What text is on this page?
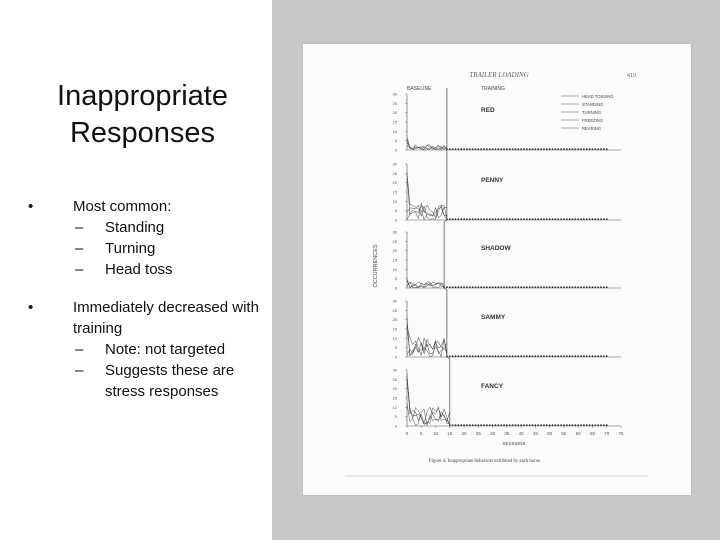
Inappropriate
Responses
•	Most common:
– Standing
– Turning
– Head toss
•	Immediately decreased with training
– Note: not targeted
– Suggests these are stress responses
TRAILER LOADING	419
BASELINE	TRAINING
HEAD TOSSING
STANDING
TURNING
FREEZING
REARING
OCCURRENCES
30
25
20
15
10
5
0
RED
30
25
20
15
10
5
0
PENNY
30
25
20
15
10
5
0
SHADOW
30
25
20
15
10
5
0
SAMMY
30
25
20
15
10
5
0
FANCY
0	5 10 15 20 25 30 35 40 45 50 55 60 65 70 75
SESSIONS
Figure 4. Inappropriate behaviors exhibited by each horse.
